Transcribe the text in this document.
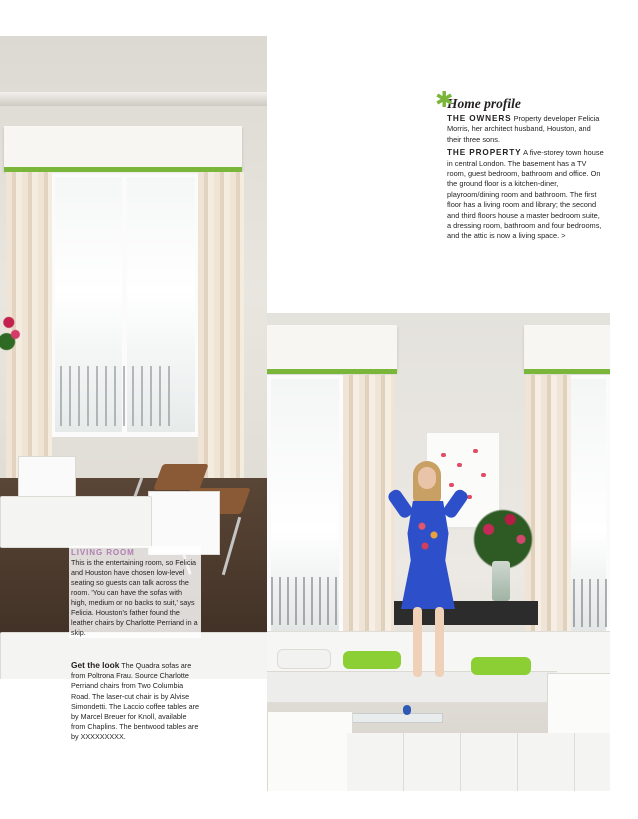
LIVING ROOM

This is the entertaining room, so Felicia and Houston have chosen low-level seating so guests can talk across the room. 'You can have the sofas with high, medium or no backs to suit,' says Felicia. Houston's father found the leather chairs by Charlotte Perriand in a skip.

Get the look The Quadra sofas are from Poltrona Frau. Source Charlotte Perriand chairs from Two Columbia Road. The laser-cut chair is by Alvise Simondetti. The Laccio coffee tables are by Marcel Breuer for Knoll, available from Chaplins. The bentwood tables are by XXXXXXXXX.
✱
Home profile

THE OWNERS Property developer Felicia Morris, her architect husband, Houston, and their three sons.

THE PROPERTY A five-storey town house in central London. The basement has a TV room, guest bedroom, bathroom and office. On the ground floor is a kitchen-diner, playroom/dining room and bathroom. The first floor has a living room and library; the second and third floors house a master bedroom suite, a dressing room, bathroom and four bedrooms, and the attic is now a living space. >
